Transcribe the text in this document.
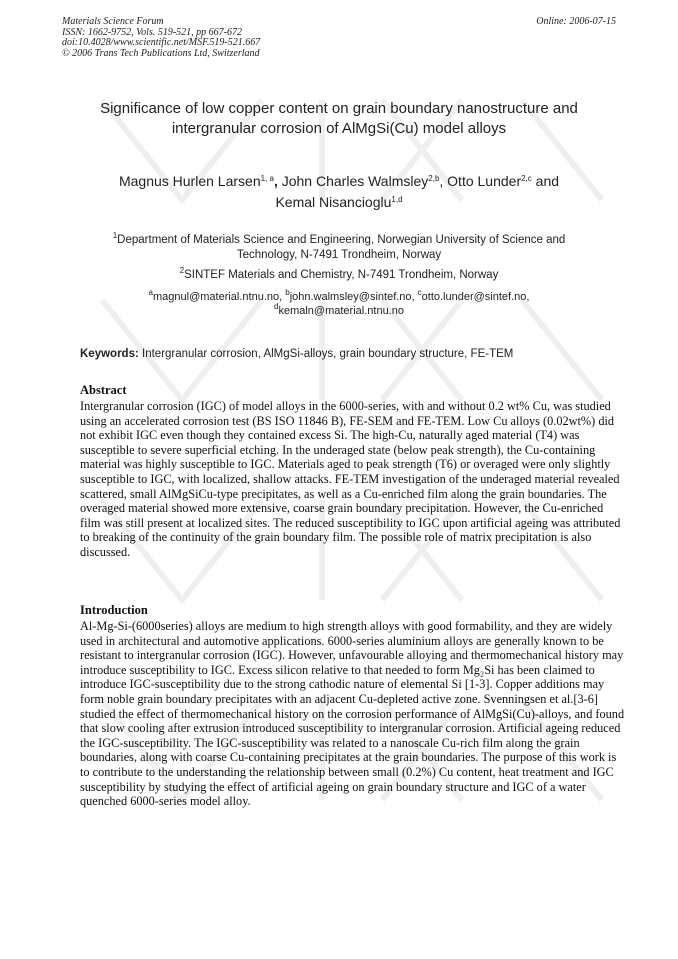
Materials Science Forum
ISSN: 1662-9752, Vols. 519-521, pp 667-672
doi:10.4028/www.scientific.net/MSF.519-521.667
© 2006 Trans Tech Publications Ltd, Switzerland
Online: 2006-07-15
Significance of low copper content on grain boundary nanostructure and
intergranular corrosion of AlMgSi(Cu) model alloys
Magnus Hurlen Larsen$^{1, a}$, John Charles Walmsley$^{2,b}$, Otto Lunder$^{2,c}$ and
Kemal Nisancioglu$^{1,d}$
$^1$Department of Materials Science and Engineering, Norwegian University of Science and
Technology, N-7491 Trondheim, Norway
$^2$SINTEF Materials and Chemistry, N-7491 Trondheim, Norway
$^a$magnul@material.ntnu.no, $^b$john.walmsley@sintef.no, $^c$otto.lunder@sintef.no,
$^d$kemaln@material.ntnu.no
Keywords: Intergranular corrosion, AlMgSi-alloys, grain boundary structure, FE-TEM
Abstract
Intergranular corrosion (IGC) of model alloys in the 6000-series, with and without 0.2 wt% Cu, was studied using an accelerated corrosion test (BS ISO 11846 B), FE-SEM and FE-TEM. Low Cu alloys (0.02wt%) did not exhibit IGC even though they contained excess Si. The high-Cu, naturally aged material (T4) was susceptible to severe superficial etching. In the underaged state (below peak strength), the Cu-containing material was highly susceptible to IGC. Materials aged to peak strength (T6) or overaged were only slightly susceptible to IGC, with localized, shallow attacks. FE-TEM investigation of the underaged material revealed scattered, small AlMgSiCu-type precipitates, as well as a Cu-enriched film along the grain boundaries. The overaged material showed more extensive, coarse grain boundary precipitation. However, the Cu-enriched film was still present at localized sites. The reduced susceptibility to IGC upon artificial ageing was attributed to breaking of the continuity of the grain boundary film. The possible role of matrix precipitation is also discussed.
Introduction
Al-Mg-Si-(6000series) alloys are medium to high strength alloys with good formability, and they are widely used in architectural and automotive applications. 6000-series aluminium alloys are generally known to be resistant to intergranular corrosion (IGC). However, unfavourable alloying and thermomechanical history may introduce susceptibility to IGC. Excess silicon relative to that needed to form Mg₂Si has been claimed to introduce IGC-susceptibility due to the strong cathodic nature of elemental Si [1-3]. Copper additions may form noble grain boundary precipitates with an adjacent Cu-depleted active zone. Svenningsen et al.[3-6] studied the effect of thermomechanical history on the corrosion performance of AlMgSi(Cu)-alloys, and found that slow cooling after extrusion introduced susceptibility to intergranular corrosion. Artificial ageing reduced the IGC-susceptibility. The IGC-susceptibility was related to a nanoscale Cu-rich film along the grain boundaries, along with coarse Cu-containing precipitates at the grain boundaries. The purpose of this work is to contribute to the understanding the relationship between small (0.2%) Cu content, heat treatment and IGC susceptibility by studying the effect of artificial ageing on grain boundary structure and IGC of a water quenched 6000-series model alloy.
